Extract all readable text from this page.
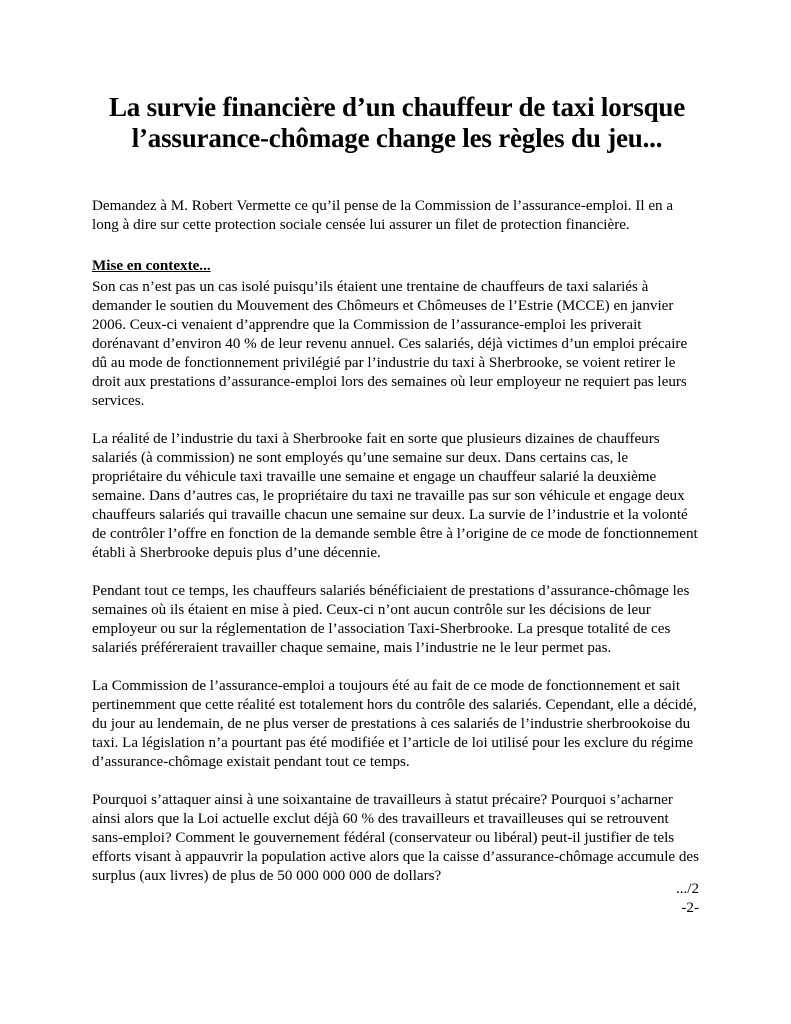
La survie financière d’un chauffeur de taxi lorsque
l’assurance-chômage change les règles du jeu...

Demandez à M. Robert Vermette ce qu’il pense de la Commission de l’assurance-emploi. Il en a long à dire sur cette protection sociale censée lui assurer un filet de protection financière.

Mise en contexte...

Son cas n’est pas un cas isolé puisqu’ils étaient une trentaine de chauffeurs de taxi salariés à demander le soutien du Mouvement des Chômeurs et Chômeuses de l’Estrie (MCCE) en janvier 2006. Ceux-ci venaient d’apprendre que la Commission de l’assurance-emploi les priverait dorénavant d’environ 40 % de leur revenu annuel. Ces salariés, déjà victimes d’un emploi précaire dû au mode de fonctionnement privilégié par l’industrie du taxi à Sherbrooke, se voient retirer le droit aux prestations d’assurance-emploi lors des semaines où leur employeur ne requiert pas leurs services.

La réalité de l’industrie du taxi à Sherbrooke fait en sorte que plusieurs dizaines de chauffeurs salariés (à commission) ne sont employés qu’une semaine sur deux. Dans certains cas, le propriétaire du véhicule taxi travaille une semaine et engage un chauffeur salarié la deuxième semaine. Dans d’autres cas, le propriétaire du taxi ne travaille pas sur son véhicule et engage deux chauffeurs salariés qui travaille chacun une semaine sur deux. La survie de l’industrie et la volonté de contrôler l’offre en fonction de la demande semble être à l’origine de ce mode de fonctionnement établi à Sherbrooke depuis plus d’une décennie.

Pendant tout ce temps, les chauffeurs salariés bénéficiaient de prestations d’assurance-chômage les semaines où ils étaient en mise à pied. Ceux-ci n’ont aucun contrôle sur les décisions de leur employeur ou sur la réglementation de l’association Taxi-Sherbrooke. La presque totalité de ces salariés préféreraient travailler chaque semaine, mais l’industrie ne le leur permet pas.

La Commission de l’assurance-emploi a toujours été au fait de ce mode de fonctionnement et sait pertinemment que cette réalité est totalement hors du contrôle des salariés. Cependant, elle a décidé, du jour au lendemain, de ne plus verser de prestations à ces salariés de l’industrie sherbrookoise du taxi. La législation n’a pourtant pas été modifiée et l’article de loi utilisé pour les exclure du régime d’assurance-chômage existait pendant tout ce temps.

Pourquoi s’attaquer ainsi à une soixantaine de travailleurs à statut précaire? Pourquoi s’acharner ainsi alors que la Loi actuelle exclut déjà 60 % des travailleurs et travailleuses qui se retrouvent sans-emploi? Comment le gouvernement fédéral (conservateur ou libéral) peut-il justifier de tels efforts visant à appauvrir la population active alors que la caisse d’assurance-chômage accumule des surplus (aux livres) de plus de 50 000 000 000 de dollars?

.../2
-2-
